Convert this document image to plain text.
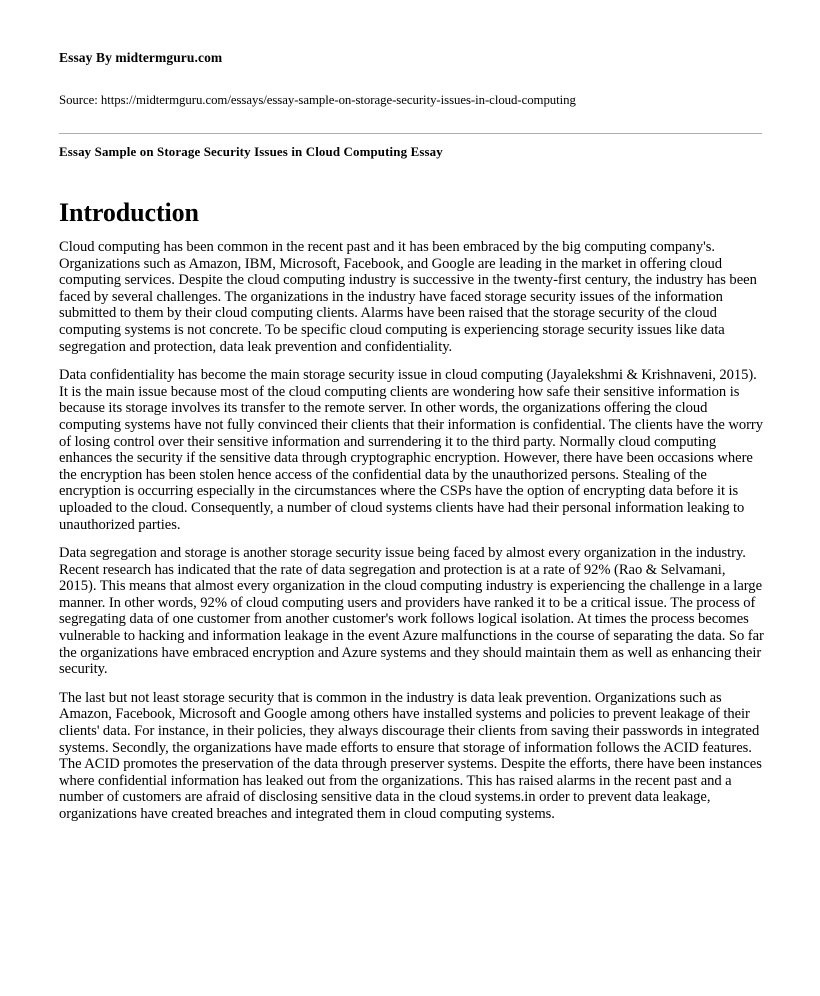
Essay By midtermguru.com
Source: https://midtermguru.com/essays/essay-sample-on-storage-security-issues-in-cloud-computing
Essay Sample on Storage Security Issues in Cloud Computing Essay
Introduction

Cloud computing has been common in the recent past and it has been embraced by the big computing company's. Organizations such as Amazon, IBM, Microsoft, Facebook, and Google are leading in the market in offering cloud computing services. Despite the cloud computing industry is successive in the twenty-first century, the industry has been faced by several challenges. The organizations in the industry have faced storage security issues of the information submitted to them by their cloud computing clients. Alarms have been raised that the storage security of the cloud computing systems is not concrete. To be specific cloud computing is experiencing storage security issues like data segregation and protection, data leak prevention and confidentiality.

Data confidentiality has become the main storage security issue in cloud computing (Jayalekshmi & Krishnaveni, 2015). It is the main issue because most of the cloud computing clients are wondering how safe their sensitive information is because its storage involves its transfer to the remote server. In other words, the organizations offering the cloud computing systems have not fully convinced their clients that their information is confidential. The clients have the worry of losing control over their sensitive information and surrendering it to the third party. Normally cloud computing enhances the security if the sensitive data through cryptographic encryption. However, there have been occasions where the encryption has been stolen hence access of the confidential data by the unauthorized persons. Stealing of the encryption is occurring especially in the circumstances where the CSPs have the option of encrypting data before it is uploaded to the cloud. Consequently, a number of cloud systems clients have had their personal information leaking to unauthorized parties.

Data segregation and storage is another storage security issue being faced by almost every organization in the industry. Recent research has indicated that the rate of data segregation and protection is at a rate of 92% (Rao & Selvamani, 2015). This means that almost every organization in the cloud computing industry is experiencing the challenge in a large manner. In other words, 92% of cloud computing users and providers have ranked it to be a critical issue. The process of segregating data of one customer from another customer's work follows logical isolation. At times the process becomes vulnerable to hacking and information leakage in the event Azure malfunctions in the course of separating the data. So far the organizations have embraced encryption and Azure systems and they should maintain them as well as enhancing their security.

The last but not least storage security that is common in the industry is data leak prevention. Organizations such as Amazon, Facebook, Microsoft and Google among others have installed systems and policies to prevent leakage of their clients' data. For instance, in their policies, they always discourage their clients from saving their passwords in integrated systems. Secondly, the organizations have made efforts to ensure that storage of information follows the ACID features. The ACID promotes the preservation of the data through preserver systems. Despite the efforts, there have been instances where confidential information has leaked out from the organizations. This has raised alarms in the recent past and a number of customers are afraid of disclosing sensitive data in the cloud systems.in order to prevent data leakage, organizations have created breaches and integrated them in cloud computing systems.
